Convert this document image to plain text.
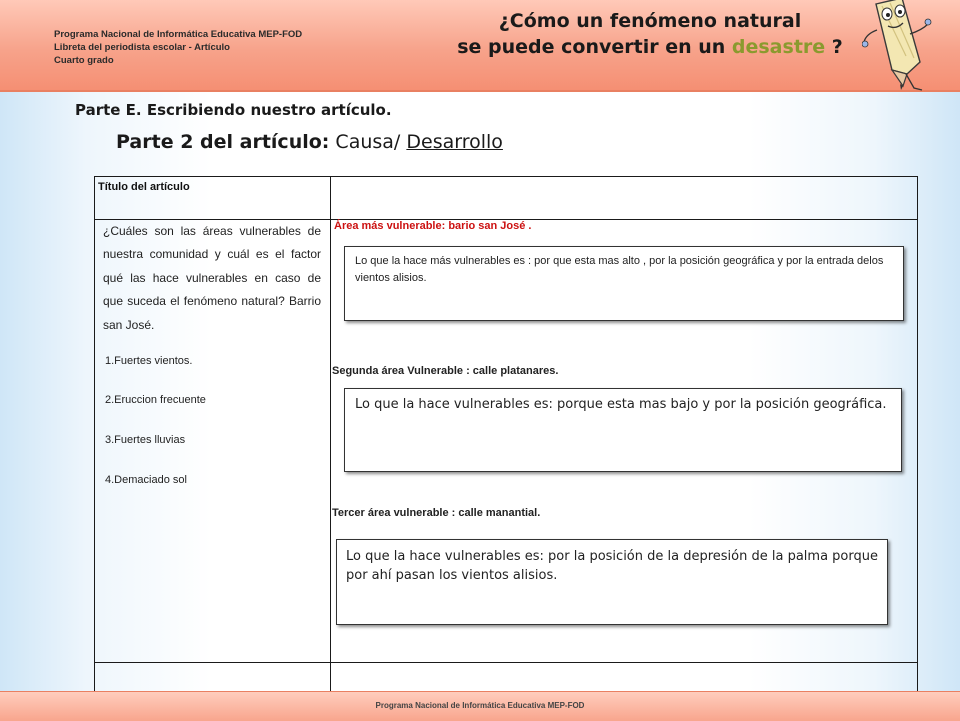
Programa Nacional de Informática Educativa MEP-FOD
Libreta del periodista escolar - Artículo
Cuarto grado
¿Cómo un fenómeno natural
se puede convertir en un desastre ?
Parte E. Escribiendo nuestro artículo.
Parte 2 del artículo: Causa/ Desarrollo
Título del artículo
¿Cuáles son las áreas vulnerables de nuestra comunidad y cuál es el factor qué las hace vulnerables en caso de que suceda el fenómeno natural? Barrio san José.
1.Fuertes vientos.
2.Eruccion frecuente
3.Fuertes lluvias
4.Demaciado sol
Área más vulnerable: bario san José .
Lo que la hace más vulnerables es : por que esta mas alto , por la posición geográfica y por la entrada delos vientos alisios.
Segunda área Vulnerable : calle platanares.
Lo que la hace vulnerables es: porque esta mas bajo y por la posición geográfica.
Tercer área vulnerable : calle manantial.
Lo que la hace vulnerables es: por la posición de la depresión de la palma porque por ahí pasan los vientos alisios.
Programa Nacional de Informática Educativa MEP-FOD
